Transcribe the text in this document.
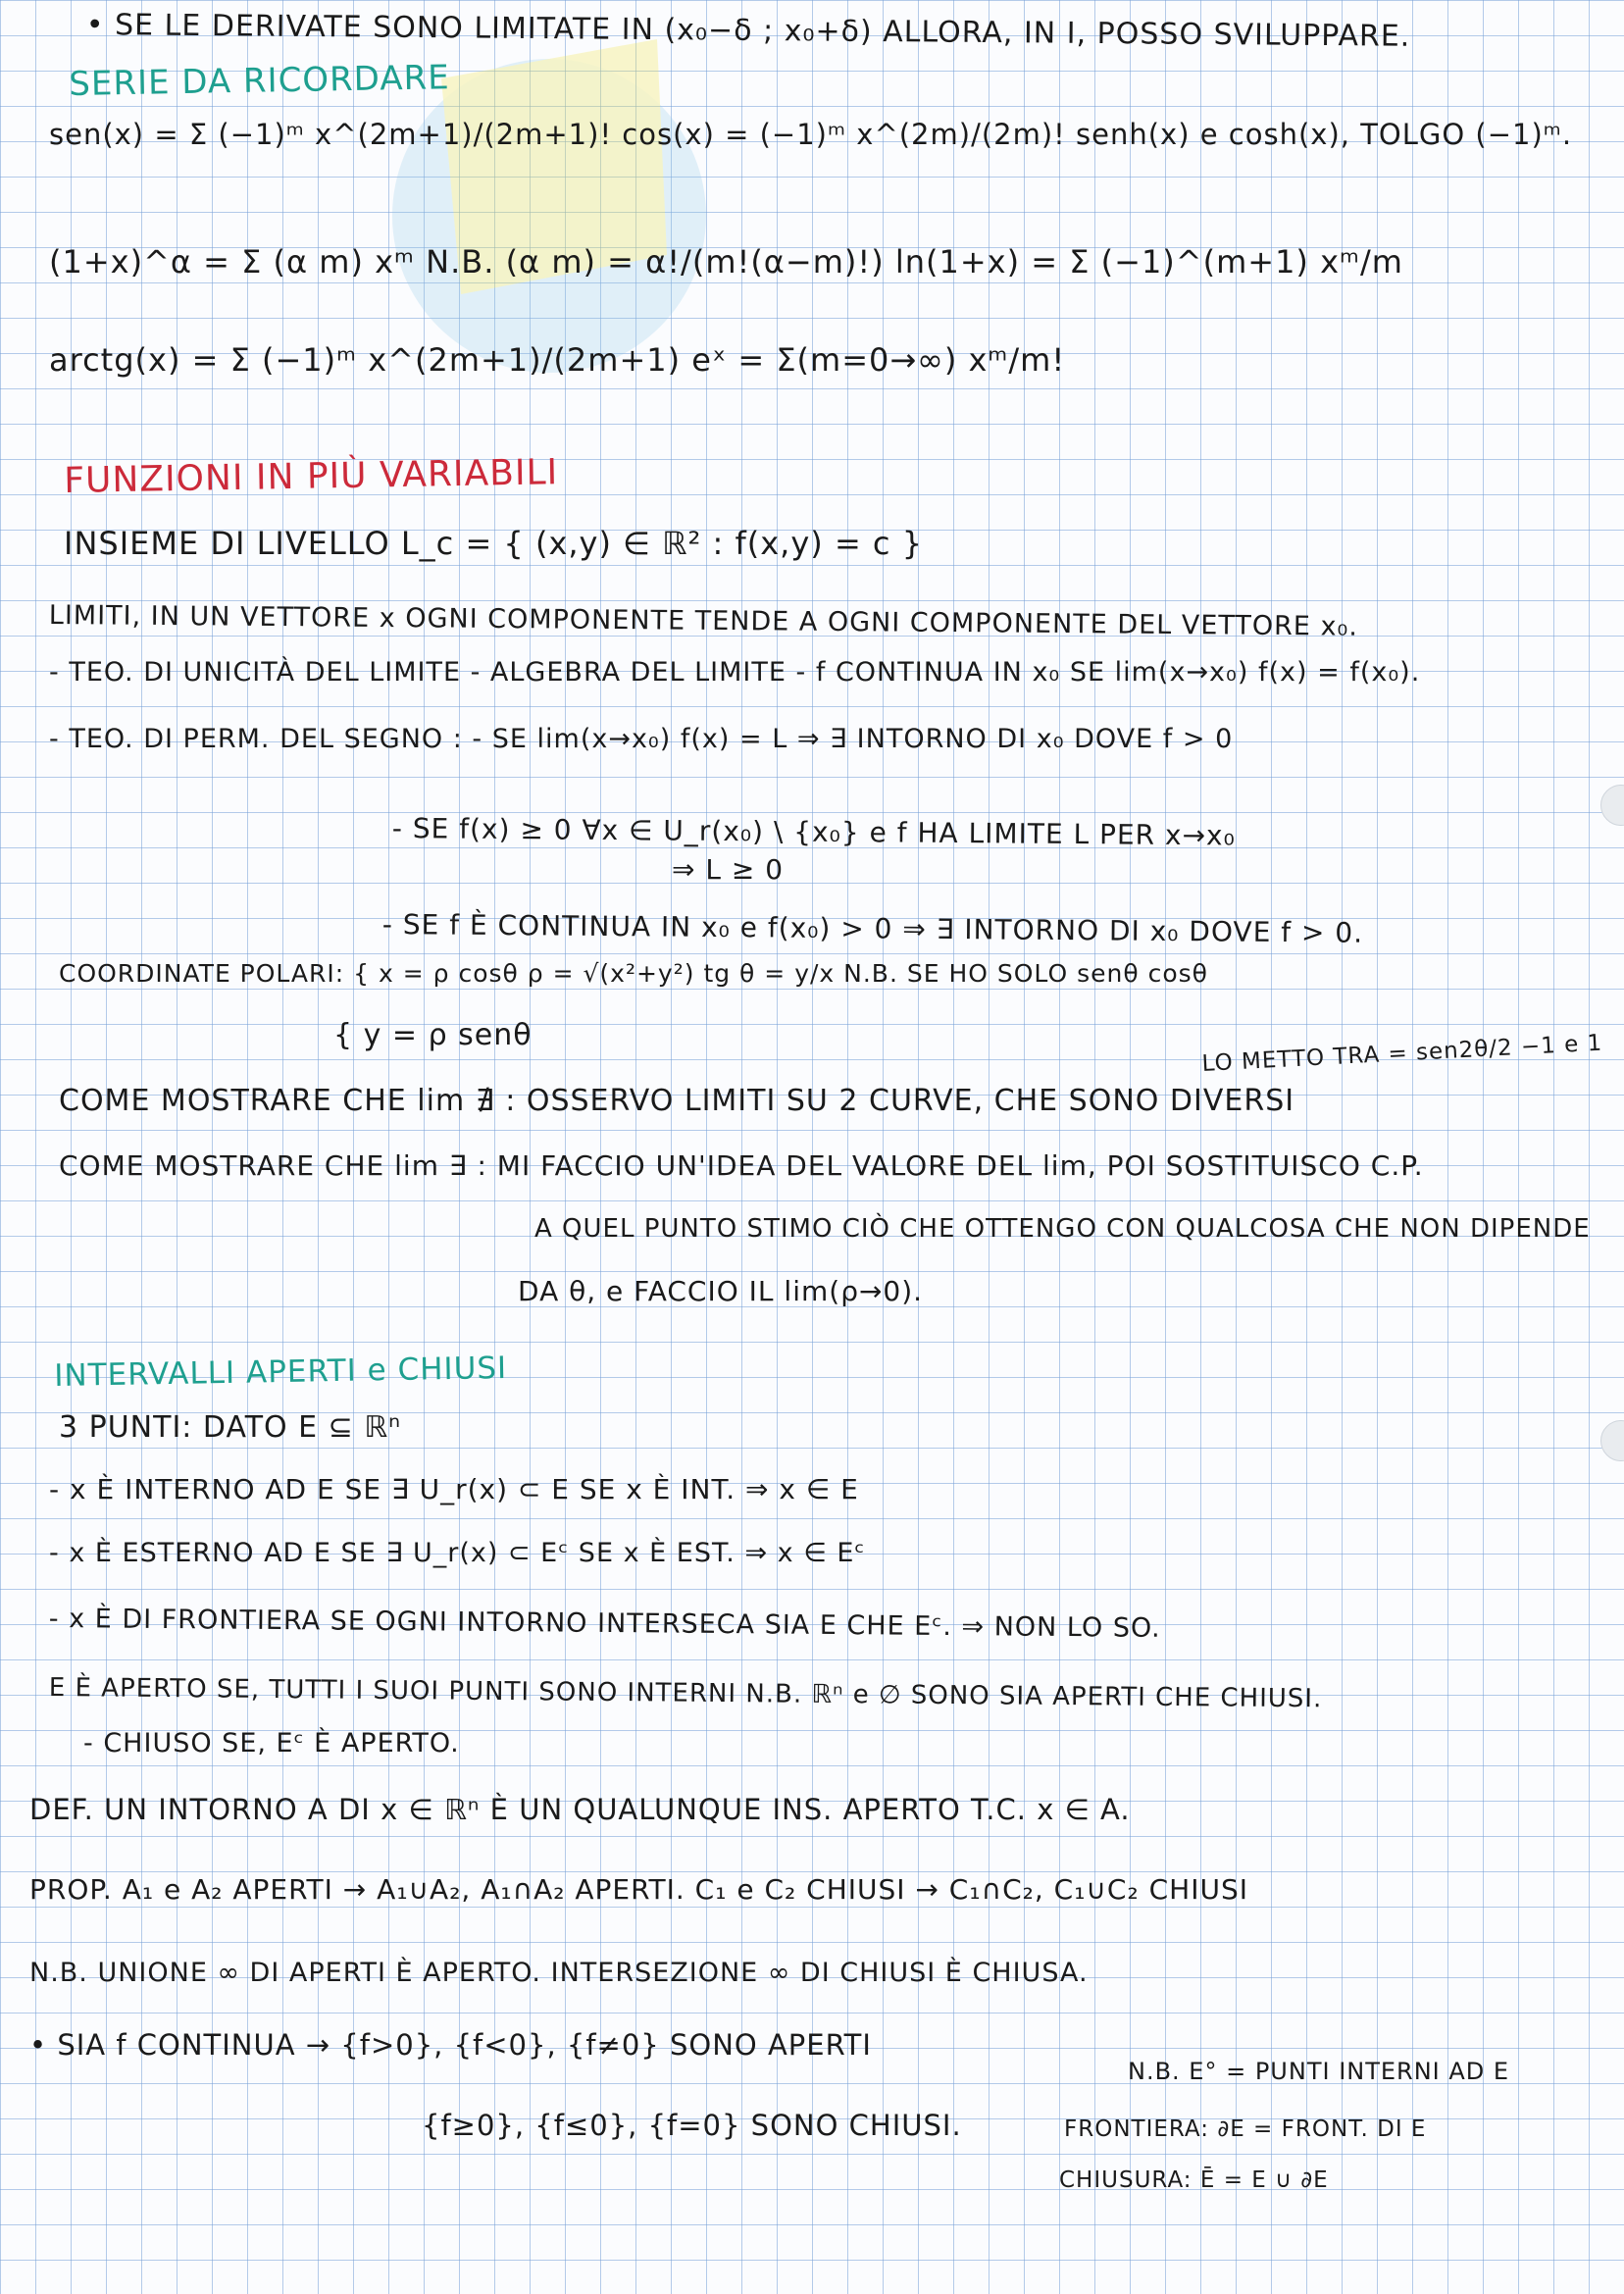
• SE LE DERIVATE SONO LIMITATE IN (x₀−δ ; x₀+δ) ALLORA, IN I, POSSO SVILUPPARE.
SERIE DA RICORDARE
sen(x) = Σ (−1)ᵐ x^(2m+1)/(2m+1)! cos(x) = (−1)ᵐ x^(2m)/(2m)! senh(x) e cosh(x), TOLGO (−1)ᵐ.
(1+x)^α = Σ (α m) xᵐ N.B. (α m) = α!/(m!(α−m)!) ln(1+x) = Σ (−1)^(m+1) xᵐ/m
arctg(x) = Σ (−1)ᵐ x^(2m+1)/(2m+1) eˣ = Σ(m=0→∞) xᵐ/m!
FUNZIONI IN PIÙ VARIABILI
INSIEME DI LIVELLO L_c = { (x,y) ∈ ℝ² : f(x,y) = c }
LIMITI, IN UN VETTORE x OGNI COMPONENTE TENDE A OGNI COMPONENTE DEL VETTORE x₀.
- TEO. DI UNICITÀ DEL LIMITE - ALGEBRA DEL LIMITE - f CONTINUA IN x₀ SE lim(x→x₀) f(x) = f(x₀).
- TEO. DI PERM. DEL SEGNO : - SE lim(x→x₀) f(x) = L ⇒ ∃ INTORNO DI x₀ DOVE f > 0
- SE f(x) ≥ 0 ∀x ∈ U_r(x₀) \ {x₀} e f HA LIMITE L PER x→x₀
⇒ L ≥ 0
- SE f È CONTINUA IN x₀ e f(x₀) > 0 ⇒ ∃ INTORNO DI x₀ DOVE f > 0.
COORDINATE POLARI: { x = ρ cosθ ρ = √(x²+y²) tg θ = y/x N.B. SE HO SOLO senθ cosθ
{ y = ρ senθ	LO METTO TRA = sen2θ/2 −1 e 1
COME MOSTRARE CHE lim ∄ : OSSERVO LIMITI SU 2 CURVE, CHE SONO DIVERSI
COME MOSTRARE CHE lim ∃ : MI FACCIO UN'IDEA DEL VALORE DEL lim, POI SOSTITUISCO C.P.
A QUEL PUNTO STIMO CIÒ CHE OTTENGO CON QUALCOSA CHE NON DIPENDE
DA θ, e FACCIO IL lim(ρ→0).
INTERVALLI APERTI e CHIUSI
3 PUNTI: DATO E ⊆ ℝⁿ
- x È INTERNO AD E SE ∃ U_r(x) ⊂ E SE x È INT. ⇒ x ∈ E
- x È ESTERNO AD E SE ∃ U_r(x) ⊂ Eᶜ SE x È EST. ⇒ x ∈ Eᶜ
- x È DI FRONTIERA SE OGNI INTORNO INTERSECA SIA E CHE Eᶜ. ⇒ NON LO SO.
E È APERTO SE, TUTTI I SUOI PUNTI SONO INTERNI N.B. ℝⁿ e ∅ SONO SIA APERTI CHE CHIUSI.
- CHIUSO SE, Eᶜ È APERTO.
DEF. UN INTORNO A DI x ∈ ℝⁿ È UN QUALUNQUE INS. APERTO T.C. x ∈ A.
PROP. A₁ e A₂ APERTI → A₁∪A₂, A₁∩A₂ APERTI. C₁ e C₂ CHIUSI → C₁∩C₂, C₁∪C₂ CHIUSI
N.B. UNIONE ∞ DI APERTI È APERTO. INTERSEZIONE ∞ DI CHIUSI È CHIUSA.
• SIA f CONTINUA → {f>0}, {f<0}, {f≠0} SONO APERTI
N.B. E° = PUNTI INTERNI AD E
{f≥0}, {f≤0}, {f=0} SONO CHIUSI.	FRONTIERA: ∂E = FRONT. DI E
CHIUSURA: Ē = E ∪ ∂E
